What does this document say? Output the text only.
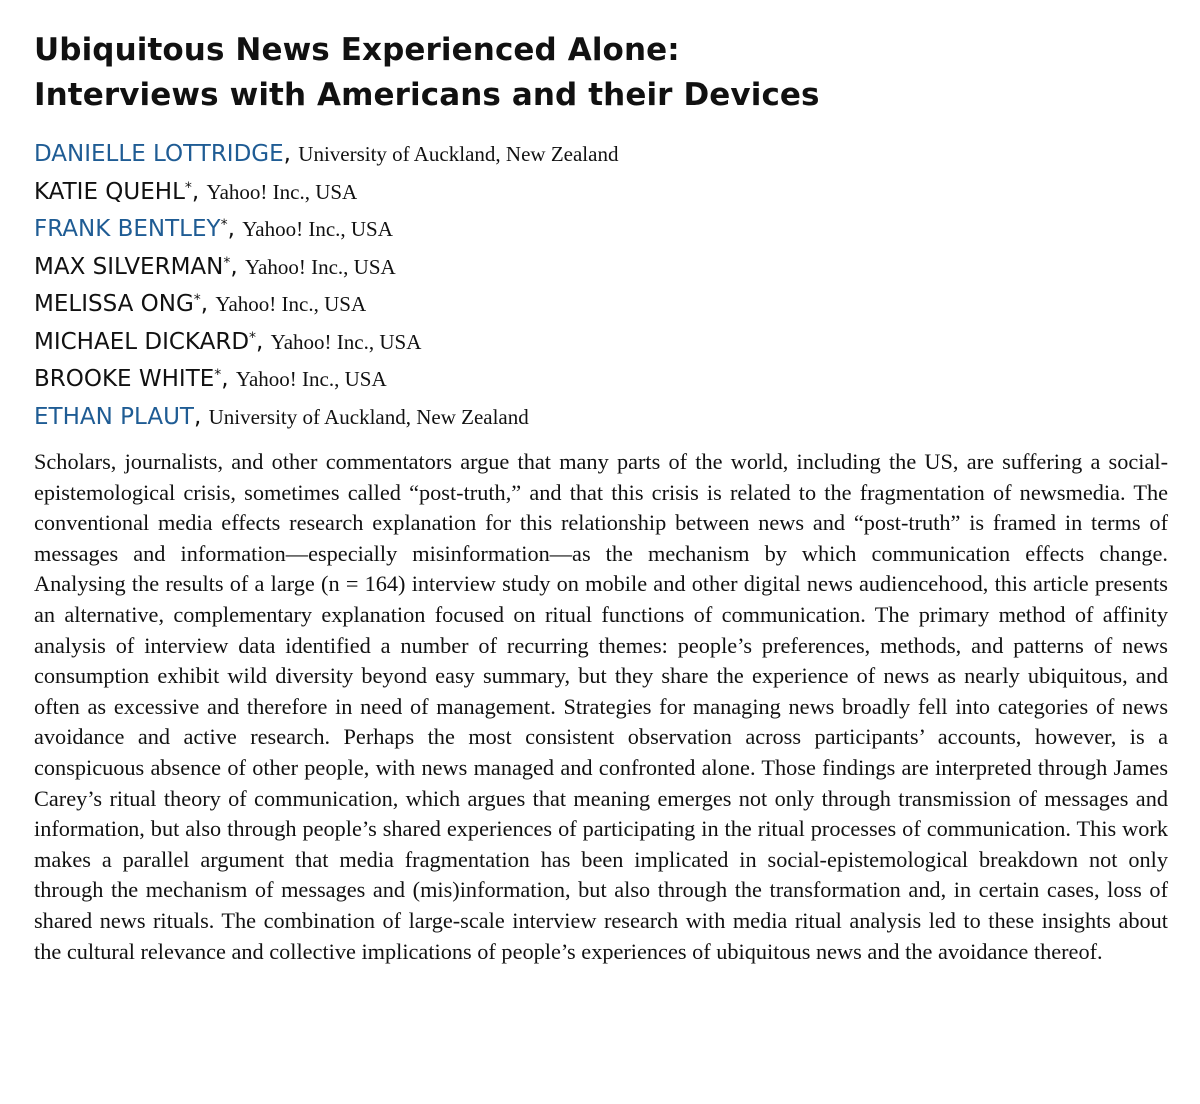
Ubiquitous News Experienced Alone:
Interviews with Americans and their Devices
DANIELLE LOTTRIDGE, University of Auckland, New Zealand
KATIE QUEHL*, Yahoo! Inc., USA
FRANK BENTLEY*, Yahoo! Inc., USA
MAX SILVERMAN*, Yahoo! Inc., USA
MELISSA ONG*, Yahoo! Inc., USA
MICHAEL DICKARD*, Yahoo! Inc., USA
BROOKE WHITE*, Yahoo! Inc., USA
ETHAN PLAUT, University of Auckland, New Zealand

Scholars, journalists, and other commentators argue that many parts of the world, including the US, are suffering a social-epistemological crisis, sometimes called “post-truth,” and that this crisis is related to the fragmentation of newsmedia. The conventional media effects research explanation for this relationship between news and “post-truth” is framed in terms of messages and information—especially misinformation—as the mechanism by which communication effects change. Analysing the results of a large (n = 164) interview study on mobile and other digital news audiencehood, this article presents an alternative, complementary explanation focused on ritual functions of communication. The primary method of affinity analysis of interview data identified a number of recurring themes: people’s preferences, methods, and patterns of news consumption exhibit wild diversity beyond easy summary, but they share the experience of news as nearly ubiquitous, and often as excessive and therefore in need of management. Strategies for managing news broadly fell into categories of news avoidance and active research. Perhaps the most consistent observation across participants’ accounts, however, is a conspicuous absence of other people, with news managed and confronted alone. Those findings are interpreted through James Carey’s ritual theory of communication, which argues that meaning emerges not only through transmission of messages and information, but also through people’s shared experiences of participating in the ritual processes of communication. This work makes a parallel argument that media fragmentation has been implicated in social-epistemological breakdown not only through the mechanism of messages and (mis)information, but also through the transformation and, in certain cases, loss of shared news rituals. The combination of large-scale interview research with media ritual analysis led to these insights about the cultural relevance and collective implications of people’s experiences of ubiquitous news and the avoidance thereof.
